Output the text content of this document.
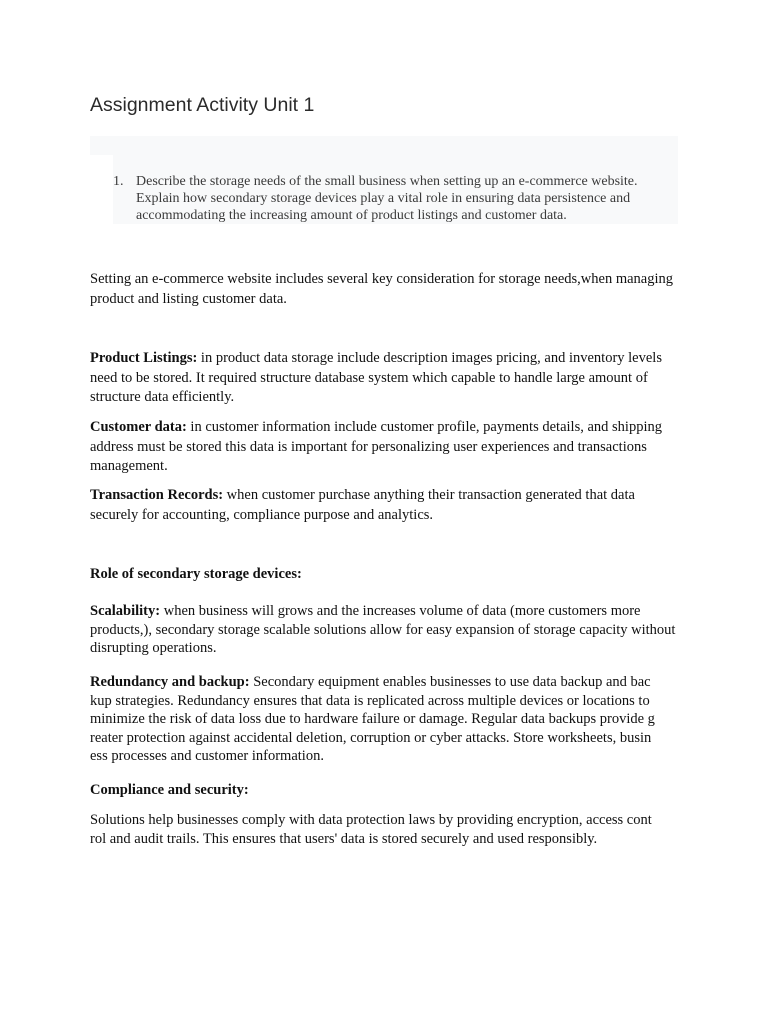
Assignment Activity Unit 1
1. Describe the storage needs of the small business when setting up an e-commerce website. Explain how secondary storage devices play a vital role in ensuring data persistence and accommodating the increasing amount of product listings and customer data.

Setting an e-commerce website includes several key consideration for storage needs,when managing product and listing customer data.

Product Listings: in product data storage include description images pricing, and inventory levels need to be stored. It required structure database system which capable to handle large amount of structure data efficiently.

Customer data: in customer information include customer profile, payments details, and shipping address must be stored this data is important for personalizing user experiences and transactions management.

Transaction Records: when customer purchase anything their transaction generated that data securely for accounting, compliance purpose and analytics.

Role of secondary storage devices:

Scalability: when business will grows and the increases volume of data (more customers more products,), secondary storage scalable solutions allow for easy expansion of storage capacity without disrupting operations.

Redundancy and backup: Secondary equipment enables businesses to use data backup and bac
kup strategies. Redundancy ensures that data is replicated across multiple devices or locations to
minimize the risk of data loss due to hardware failure or damage. Regular data backups provide g
reater protection against accidental deletion, corruption or cyber attacks. Store worksheets, busin
ess processes and customer information.

Compliance and security:

Solutions help businesses comply with data protection laws by providing encryption, access cont
rol and audit trails. This ensures that users' data is stored securely and used responsibly.
